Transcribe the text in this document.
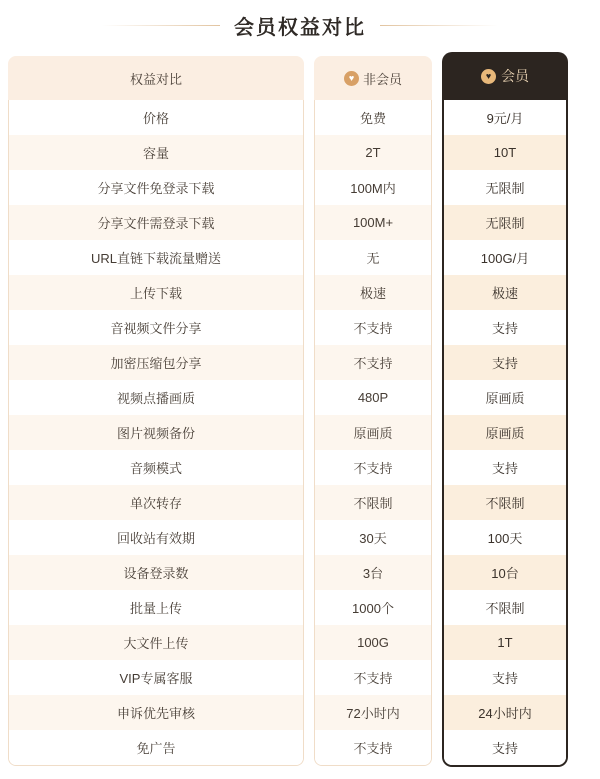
会员权益对比
权益对比	♥ 非会员	♥ 会员
价格
容量
分享文件免登录下载
分享文件需登录下载
URL直链下载流量赠送
上传下载
音视频文件分享
加密压缩包分享
视频点播画质
图片视频备份
音频模式
单次转存
回收站有效期
设备登录数
批量上传
大文件上传
VIP专属客服
申诉优先审核
免广告
免费
2T
100M内
100M+
无
极速
不支持
不支持
480P
原画质
不支持
不限制
30天
3台
1000个
100G
不支持
72小时内
不支持
9元/月
10T
无限制
无限制
100G/月
极速
支持
支持
原画质
原画质
支持
不限制
100天
10台
不限制
1T
支持
24小时内
支持
